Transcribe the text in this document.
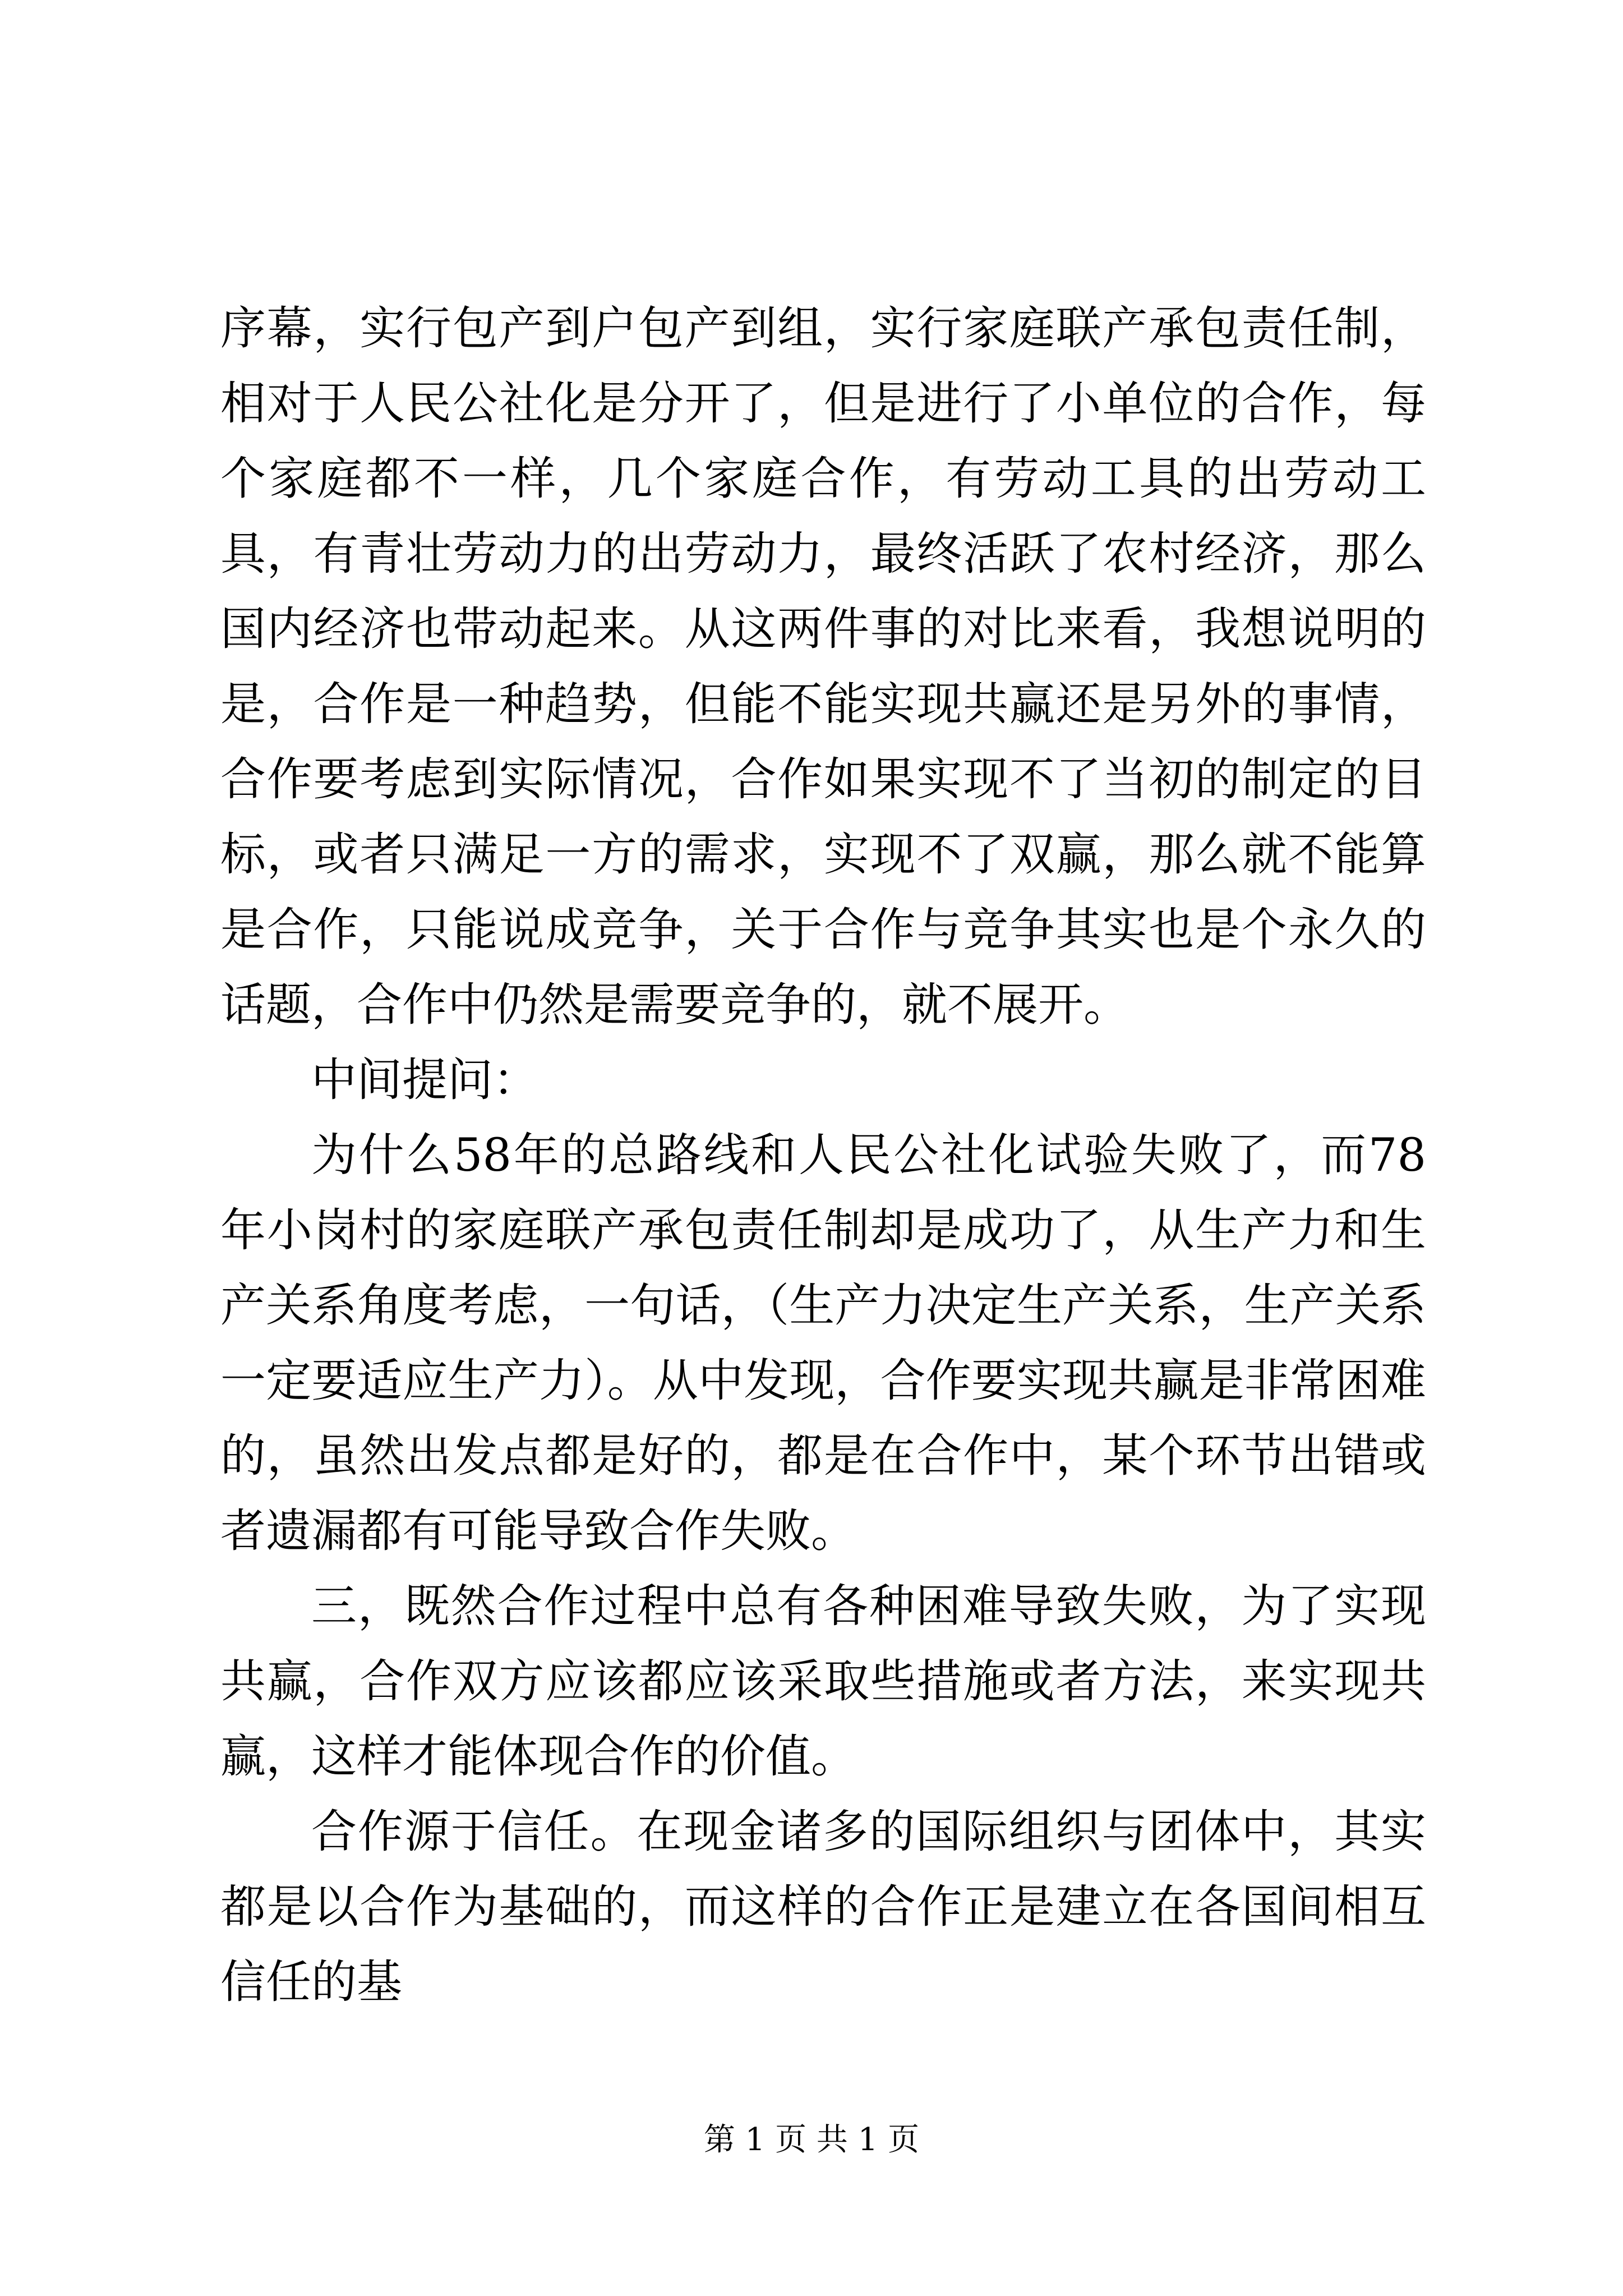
序幕，实行包产到户包产到组，实行家庭联产承包责任制，相对于人民公社化是分开了，但是进行了小单位的合作，每个家庭都不一样，几个家庭合作，有劳动工具的出劳动工具，有青壮劳动力的出劳动力，最终活跃了农村经济，那么国内经济也带动起来。从这两件事的对比来看，我想说明的是，合作是一种趋势，但能不能实现共赢还是另外的事情，合作要考虑到实际情况，合作如果实现不了当初的制定的目标，或者只满足一方的需求，实现不了双赢，那么就不能算是合作，只能说成竞争，关于合作与竞争其实也是个永久的话题，合作中仍然是需要竞争的，就不展开。

中间提问：

为什么58年的总路线和人民公社化试验失败了，而78年小岗村的家庭联产承包责任制却是成功了，从生产力和生产关系角度考虑，一句话，（生产力决定生产关系，生产关系一定要适应生产力）。从中发现，合作要实现共赢是非常困难的，虽然出发点都是好的，都是在合作中，某个环节出错或者遗漏都有可能导致合作失败。

三，既然合作过程中总有各种困难导致失败，为了实现共赢，合作双方应该都应该采取些措施或者方法，来实现共赢，这样才能体现合作的价值。

合作源于信任。在现金诸多的国际组织与团体中，其实都是以合作为基础的，而这样的合作正是建立在各国间相互信任的基

第 1 页 共 1 页
